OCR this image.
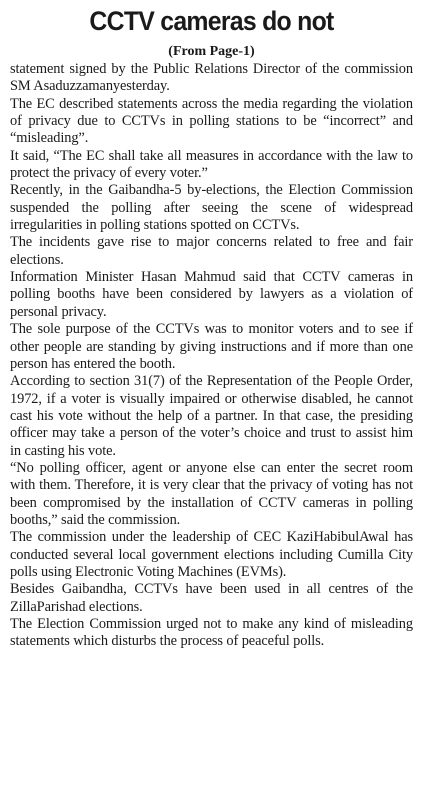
CCTV cameras do not
(From Page-1)

statement signed by the Public Relations Director of the commission SM Asaduzzamanyesterday.

The EC described statements across the media regarding the violation of privacy due to CCTVs in polling stations to be “incorrect” and “misleading”.

It said, “The EC shall take all measures in accordance with the law to protect the privacy of every voter.”

Recently, in the Gaibandha-5 by-elections, the Election Commission suspended the polling after seeing the scene of widespread irregularities in polling stations spotted on CCTVs.

The incidents gave rise to major concerns related to free and fair elections.

Information Minister Hasan Mahmud said that CCTV cameras in polling booths have been considered by lawyers as a violation of personal privacy.

The sole purpose of the CCTVs was to monitor voters and to see if other people are standing by giving instructions and if more than one person has entered the booth.

According to section 31(7) of the Representation of the People Order, 1972, if a voter is visually impaired or otherwise disabled, he cannot cast his vote without the help of a partner. In that case, the presiding officer may take a person of the voter’s choice and trust to assist him in casting his vote.

“No polling officer, agent or anyone else can enter the secret room with them. Therefore, it is very clear that the privacy of voting has not been compromised by the installation of CCTV cameras in polling booths,” said the commission.

The commission under the leadership of CEC KaziHabibulAwal has conducted several local government elections including Cumilla City polls using Electronic Voting Machines (EVMs).

Besides Gaibandha, CCTVs have been used in all centres of the ZillaParishad elections.

The Election Commission urged not to make any kind of misleading statements which disturbs the process of peaceful polls.
